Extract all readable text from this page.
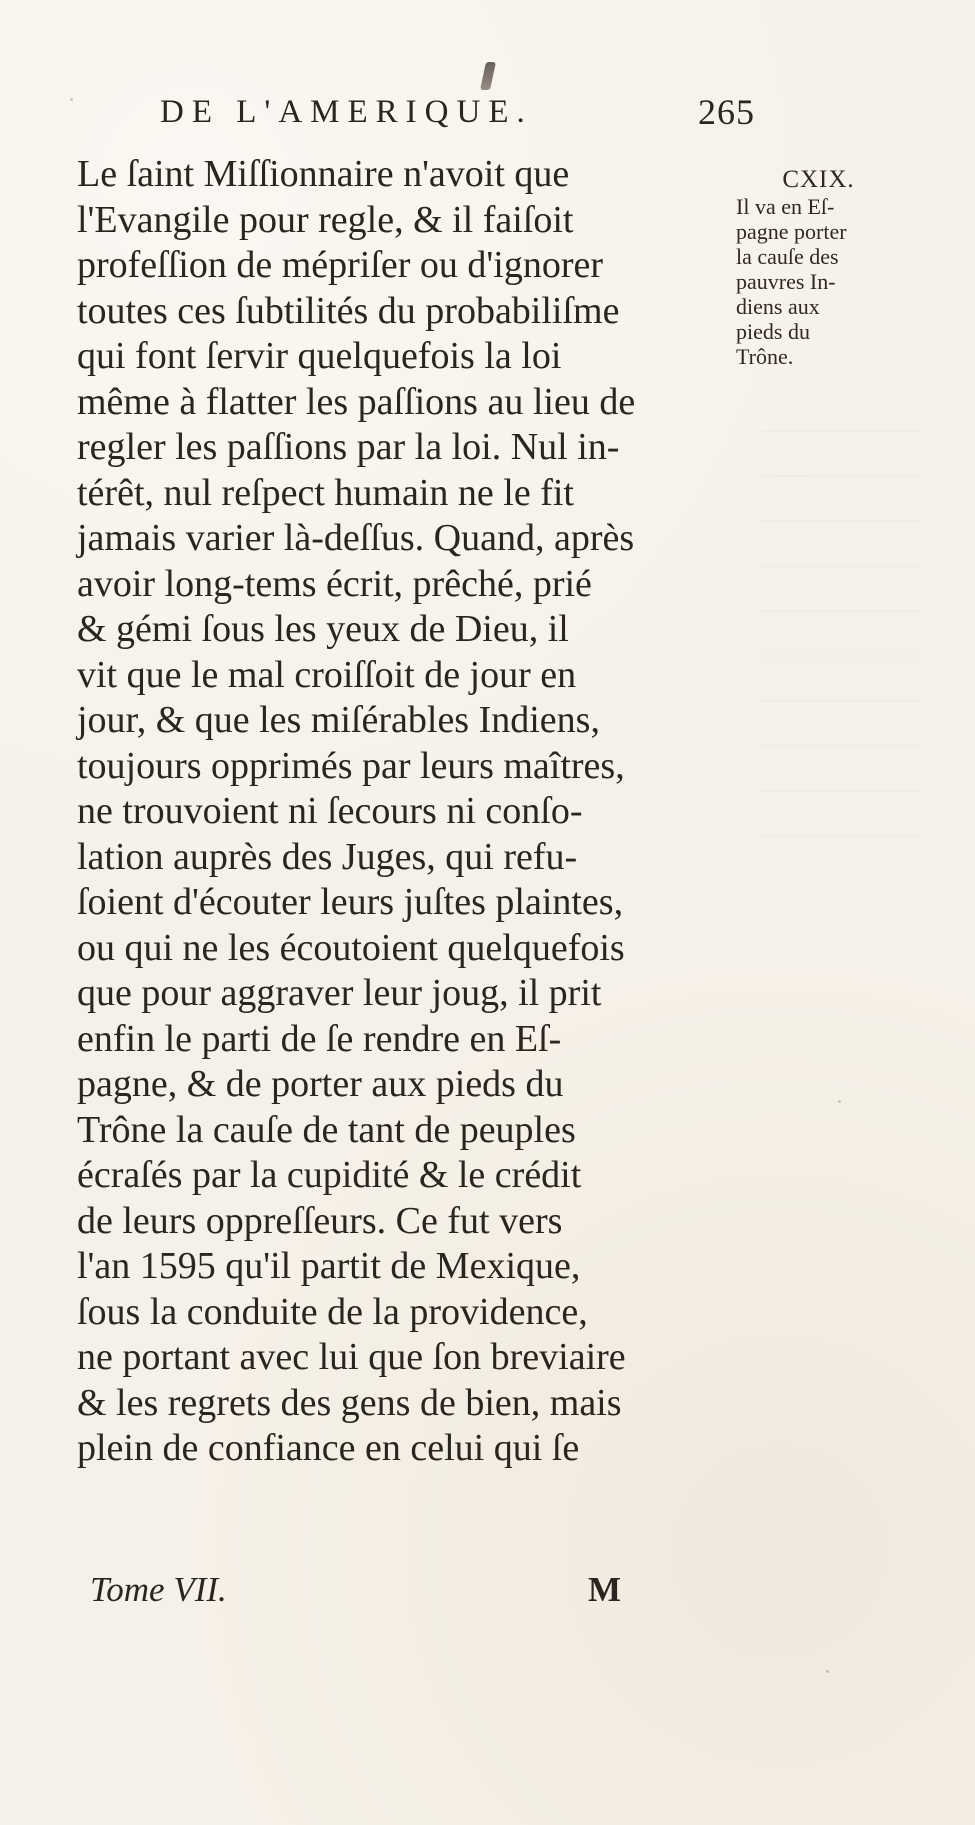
DE L'AMERIQUE.	265
Le ſaint Miſſionnaire n'avoit que
l'Evangile pour regle, & il faiſoit
profeſſion de mépriſer ou d'ignorer
toutes ces ſubtilités du probabiliſme
qui font ſervir quelquefois la loi
même à flatter les paſſions au lieu de
regler les paſſions par la loi. Nul in-
térêt, nul reſpect humain ne le fit
jamais varier là-deſſus. Quand, après
avoir long-tems écrit, prêché, prié
& gémi ſous les yeux de Dieu, il
vit que le mal croiſſoit de jour en
jour, & que les miſérables Indiens,
toujours opprimés par leurs maîtres,
ne trouvoient ni ſecours ni conſo-
lation auprès des Juges, qui refu-
ſoient d'écouter leurs juſtes plaintes,
ou qui ne les écoutoient quelquefois
que pour aggraver leur joug, il prit
enfin le parti de ſe rendre en Eſ-
pagne, & de porter aux pieds du
Trône la cauſe de tant de peuples
écraſés par la cupidité & le crédit
de leurs oppreſſeurs. Ce fut vers
l'an 1595 qu'il partit de Mexique,
ſous la conduite de la providence,
ne portant avec lui que ſon breviaire
& les regrets des gens de bien, mais
plein de confiance en celui qui ſe
CXIX.
Il va en Eſ-
pagne porter
la cauſe des
pauvres In-
diens aux
pieds du
Trône.
Tome VII.	M
